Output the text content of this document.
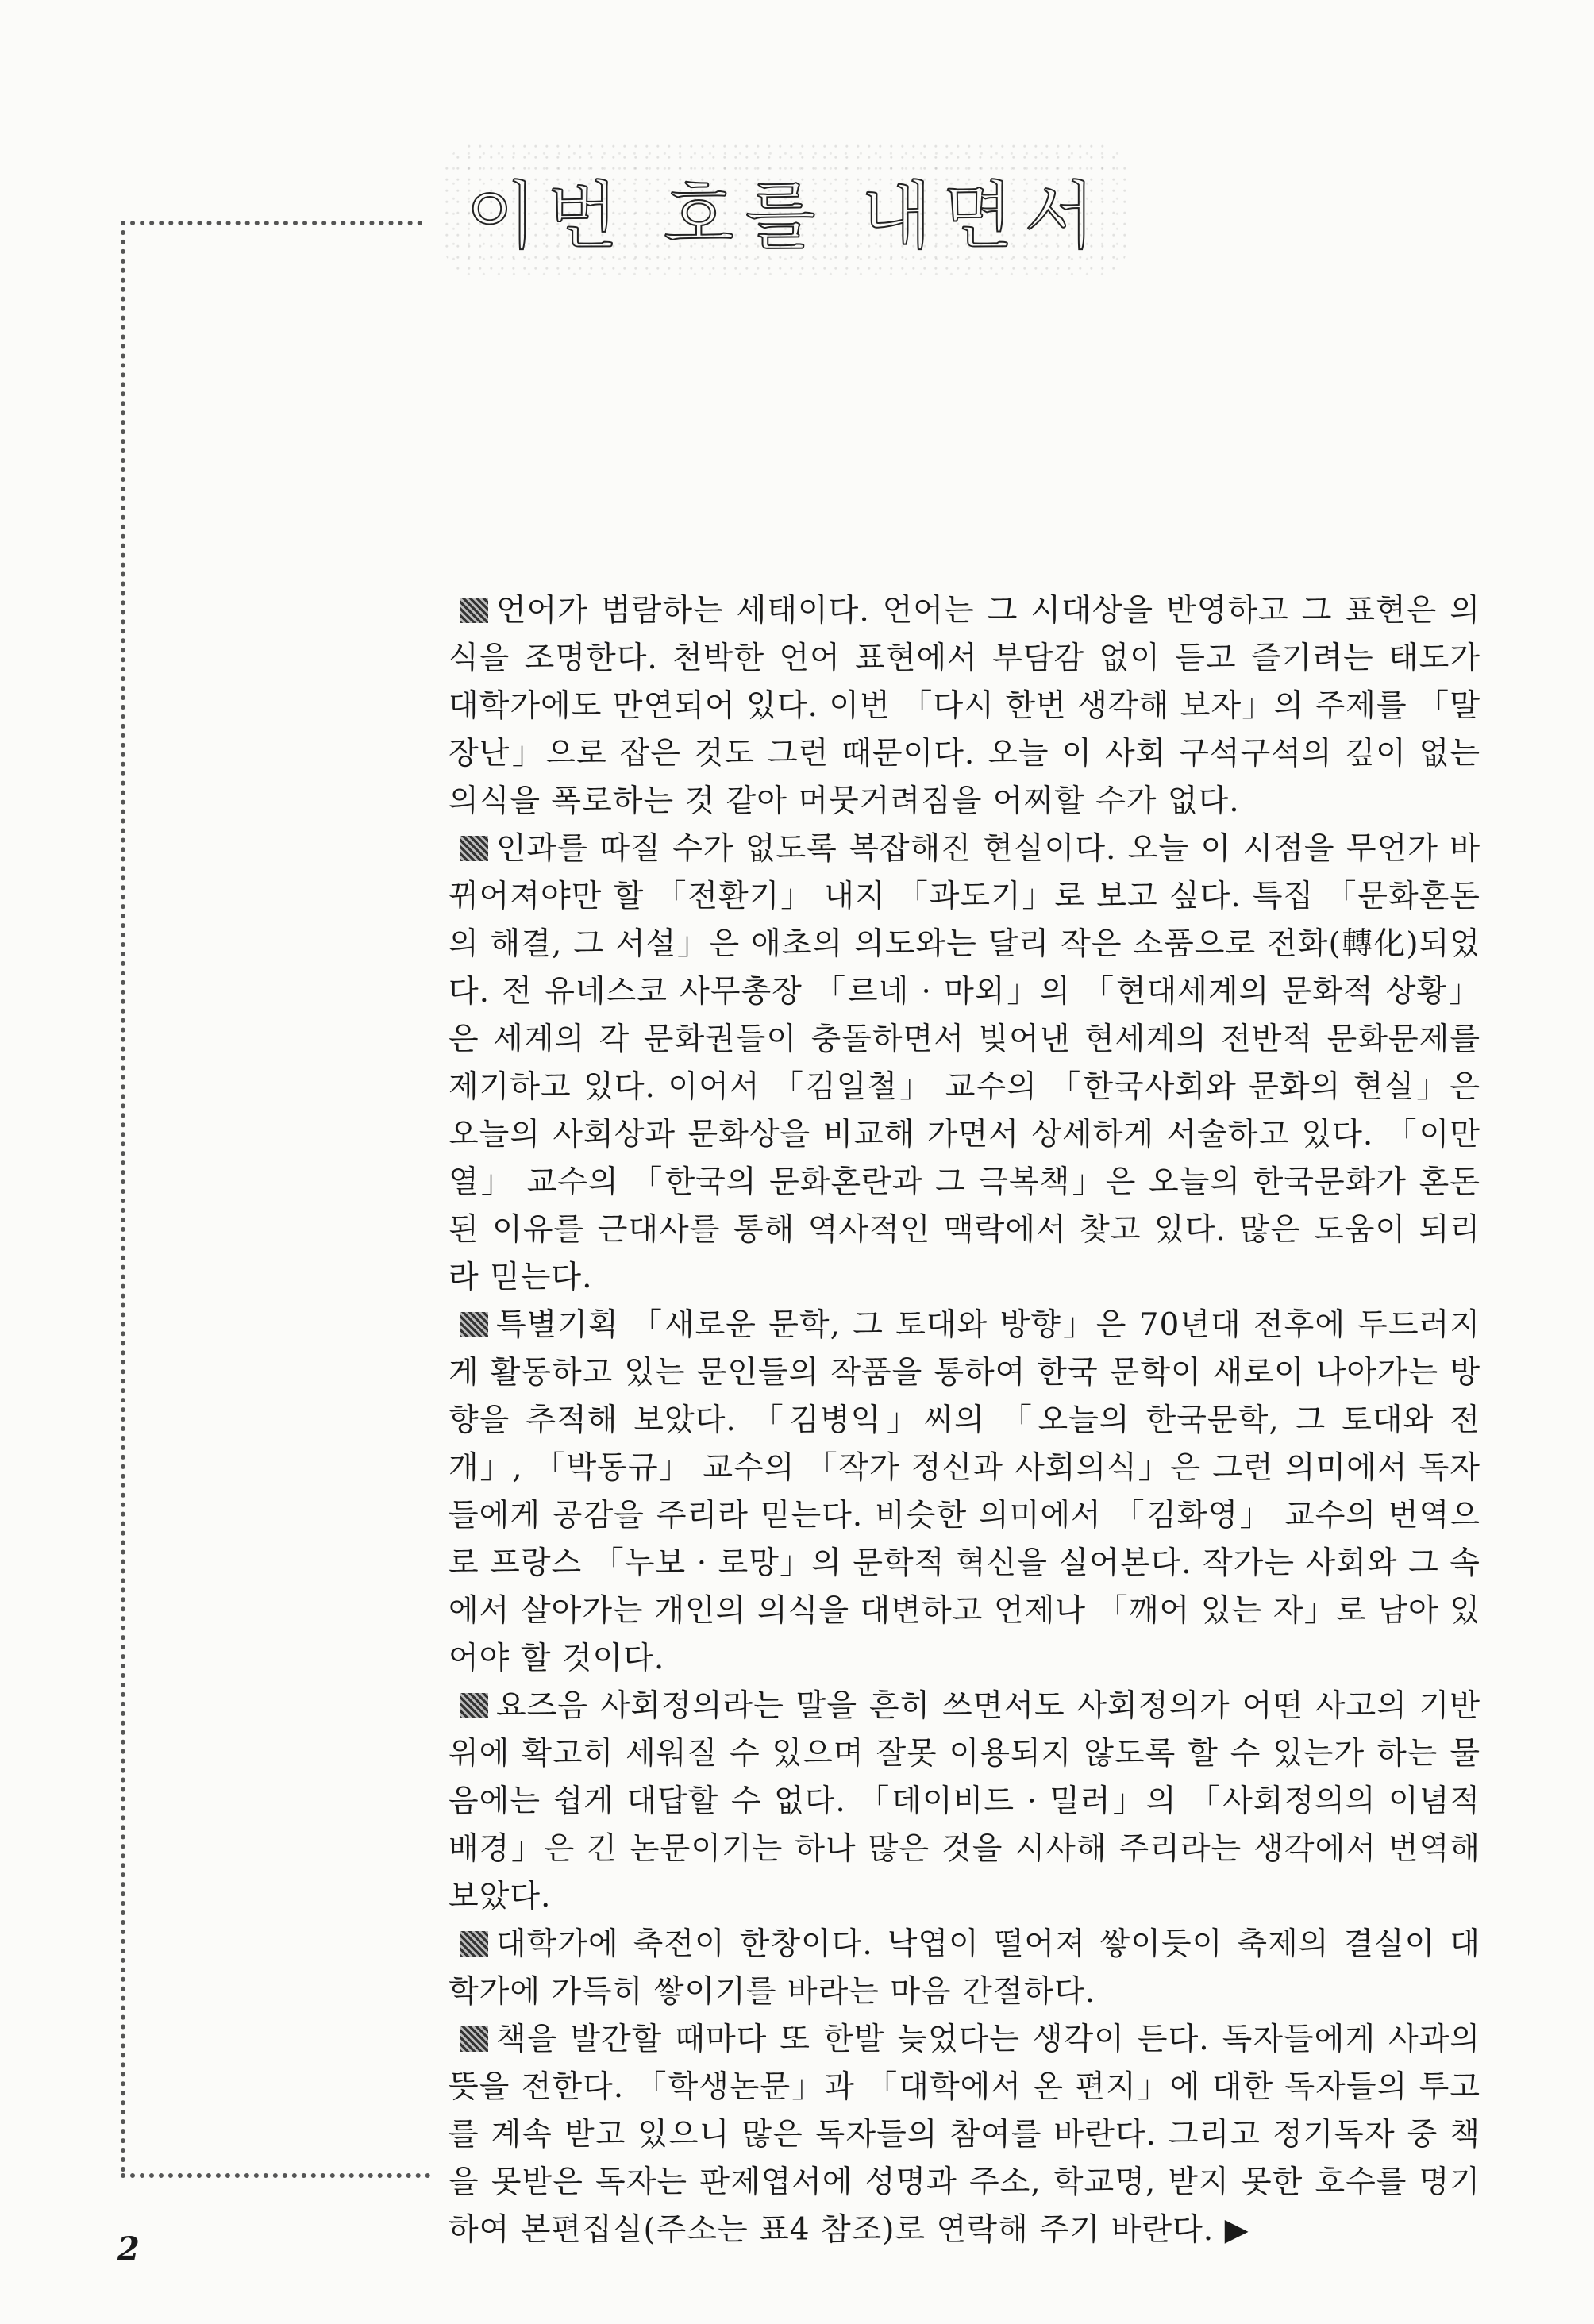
이번 호를 내면서

언어가 범람하는 세태이다. 언어는 그 시대상을 반영하고 그 표현은 의식을 조명한다. 천박한 언어 표현에서 부담감 없이 듣고 즐기려는 태도가 대학가에도 만연되어 있다. 이번 「다시 한번 생각해 보자」의 주제를 「말장난」으로 잡은 것도 그런 때문이다. 오늘 이 사회 구석구석의 깊이 없는 의식을 폭로하는 것 같아 머뭇거려짐을 어찌할 수가 없다.

인과를 따질 수가 없도록 복잡해진 현실이다. 오늘 이 시점을 무언가 바뀌어져야만 할 「전환기」 내지 「과도기」로 보고 싶다. 특집 「문화혼돈의 해결, 그 서설」은 애초의 의도와는 달리 작은 소품으로 전화(轉化)되었다. 전 유네스코 사무총장 「르네 · 마외」의 「현대세계의 문화적 상황」은 세계의 각 문화권들이 충돌하면서 빚어낸 현세계의 전반적 문화문제를 제기하고 있다. 이어서 「김일철」 교수의 「한국사회와 문화의 현실」은 오늘의 사회상과 문화상을 비교해 가면서 상세하게 서술하고 있다. 「이만열」 교수의 「한국의 문화혼란과 그 극복책」은 오늘의 한국문화가 혼돈된 이유를 근대사를 통해 역사적인 맥락에서 찾고 있다. 많은 도움이 되리라 믿는다.

특별기획 「새로운 문학, 그 토대와 방향」은 70년대 전후에 두드러지게 활동하고 있는 문인들의 작품을 통하여 한국 문학이 새로이 나아가는 방향을 추적해 보았다. 「김병익」씨의 「오늘의 한국문학, 그 토대와 전개」, 「박동규」 교수의 「작가 정신과 사회의식」은 그런 의미에서 독자들에게 공감을 주리라 믿는다. 비슷한 의미에서 「김화영」 교수의 번역으로 프랑스 「누보 · 로망」의 문학적 혁신을 실어본다. 작가는 사회와 그 속에서 살아가는 개인의 의식을 대변하고 언제나 「깨어 있는 자」로 남아 있어야 할 것이다.

요즈음 사회정의라는 말을 흔히 쓰면서도 사회정의가 어떤 사고의 기반 위에 확고히 세워질 수 있으며 잘못 이용되지 않도록 할 수 있는가 하는 물음에는 쉽게 대답할 수 없다. 「데이비드 · 밀러」의 「사회정의의 이념적 배경」은 긴 논문이기는 하나 많은 것을 시사해 주리라는 생각에서 번역해 보았다.

대학가에 축전이 한창이다. 낙엽이 떨어져 쌓이듯이 축제의 결실이 대학가에 가득히 쌓이기를 바라는 마음 간절하다.

책을 발간할 때마다 또 한발 늦었다는 생각이 든다. 독자들에게 사과의 뜻을 전한다. 「학생논문」과 「대학에서 온 편지」에 대한 독자들의 투고를 계속 받고 있으니 많은 독자들의 참여를 바란다. 그리고 정기독자 중 책을 못받은 독자는 판제엽서에 성명과 주소, 학교명, 받지 못한 호수를 명기하여 본편집실(주소는 표4 참조)로 연락해 주기 바란다. ▶

2
